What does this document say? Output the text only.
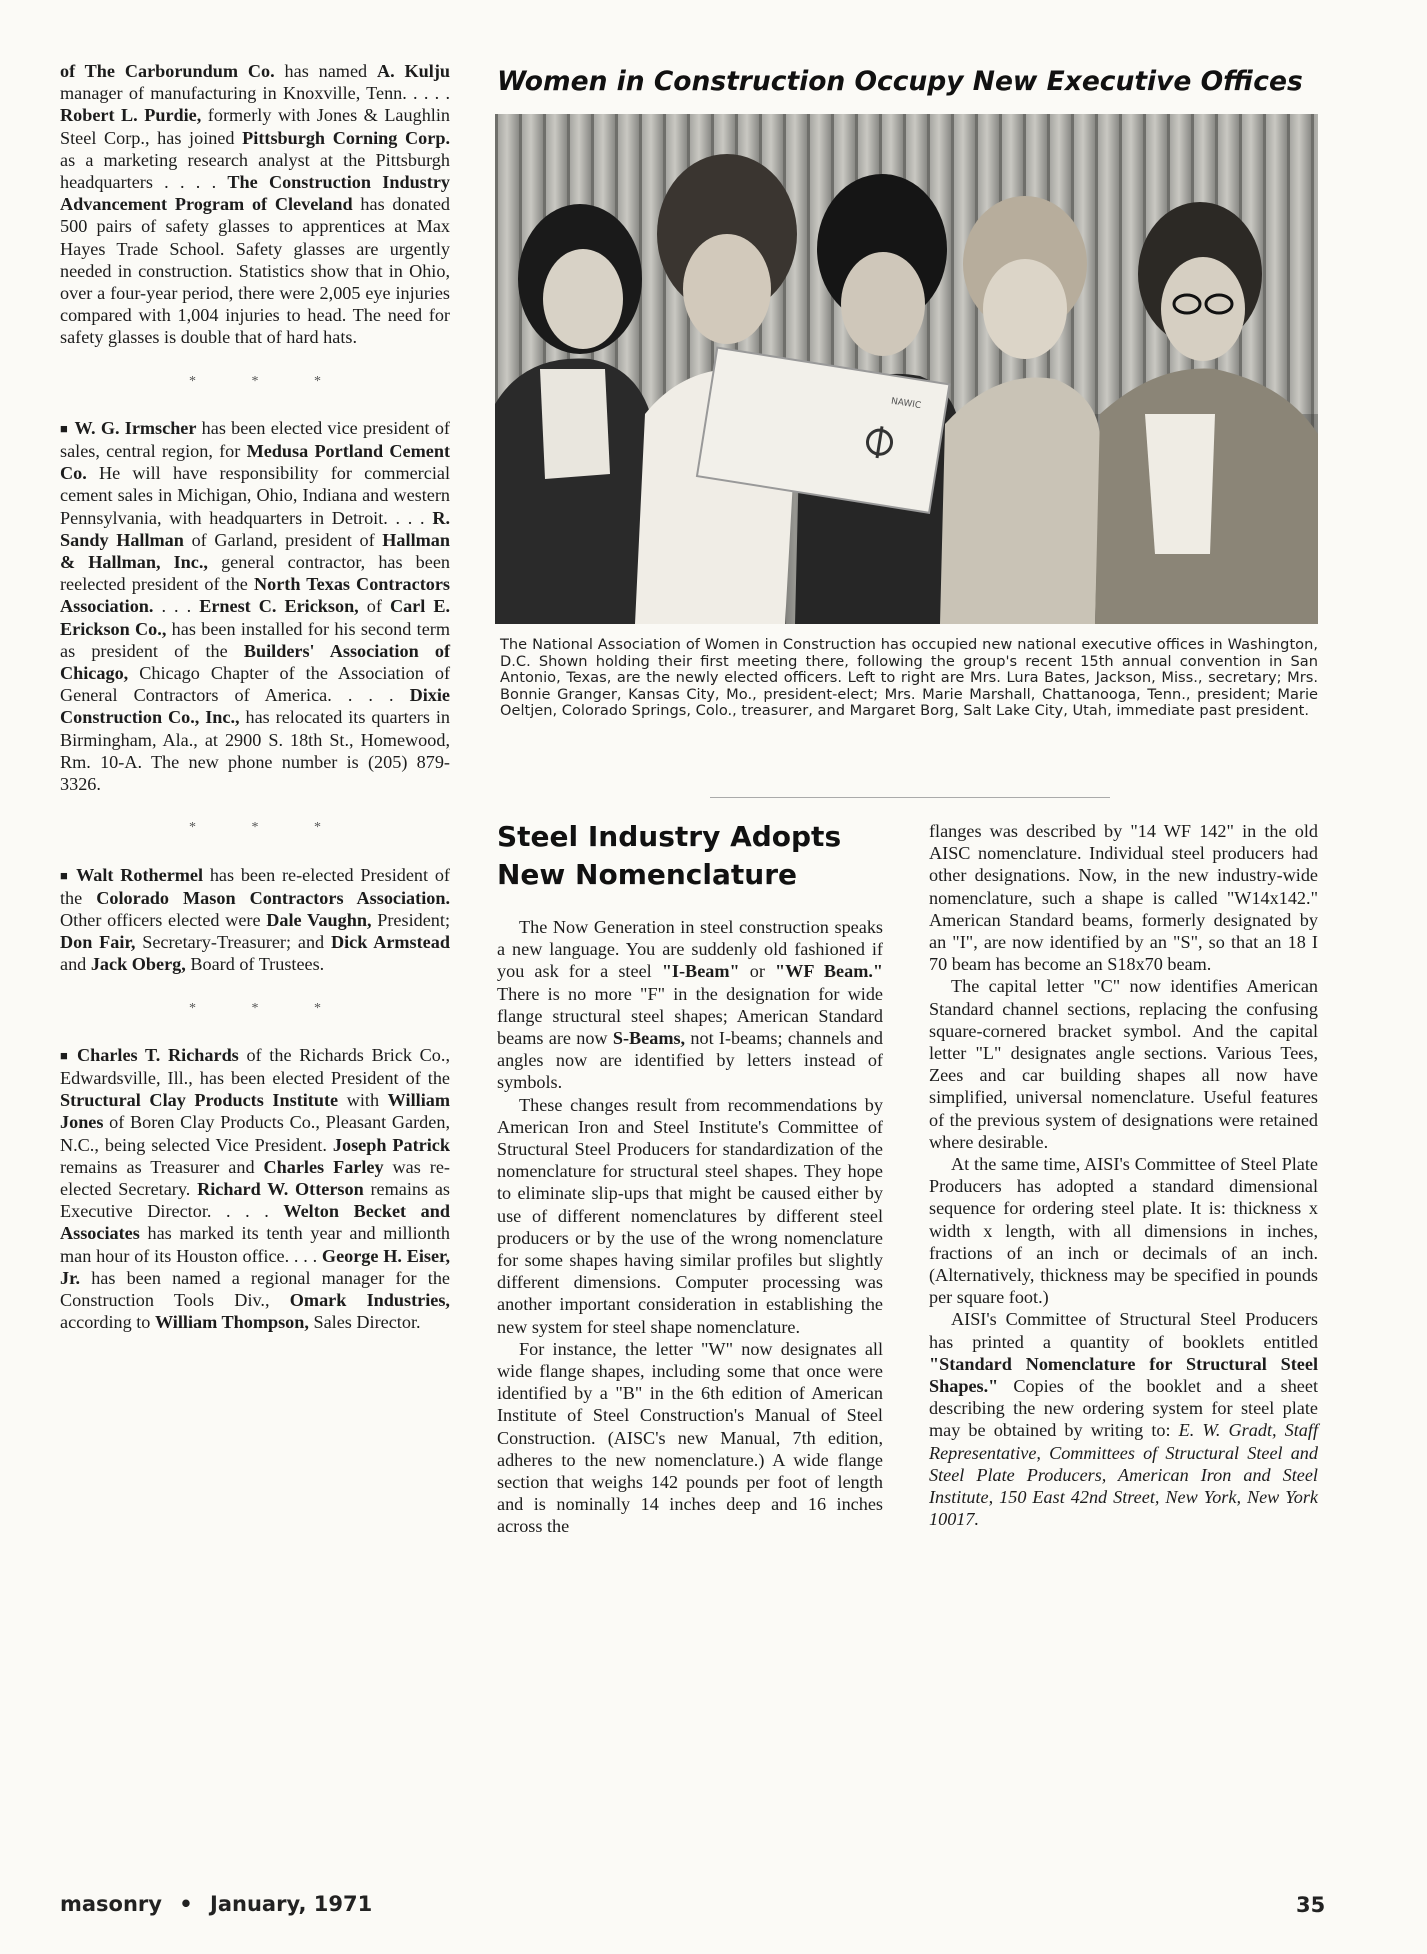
of The Carborundum Co. has named A. Kulju manager of manufacturing in Knoxville, Tenn. . . . . Robert L. Purdie, formerly with Jones & Laughlin Steel Corp., has joined Pittsburgh Corning Corp. as a marketing research analyst at the Pittsburgh headquarters . . . . The Construction Industry Advancement Program of Cleveland has donated 500 pairs of safety glasses to apprentices at Max Hayes Trade School. Safety glasses are urgently needed in construction. Statistics show that in Ohio, over a four-year period, there were 2,005 eye injuries compared with 1,004 injuries to head. The need for safety glasses is double that of hard hats.

* * *

■ W. G. Irmscher has been elected vice president of sales, central region, for Medusa Portland Cement Co. He will have responsibility for commercial cement sales in Michigan, Ohio, Indiana and western Pennsylvania, with headquarters in Detroit. . . . R. Sandy Hallman of Garland, president of Hallman & Hallman, Inc., general contractor, has been reelected president of the North Texas Contractors Association. . . . Ernest C. Erickson, of Carl E. Erickson Co., has been installed for his second term as president of the Builders' Association of Chicago, Chicago Chapter of the Association of General Contractors of America. . . . Dixie Construction Co., Inc., has relocated its quarters in Birmingham, Ala., at 2900 S. 18th St., Homewood, Rm. 10-A. The new phone number is (205) 879-3326.

* * *

■ Walt Rothermel has been re-elected President of the Colorado Mason Contractors Association. Other officers elected were Dale Vaughn, President; Don Fair, Secretary-Treasurer; and Dick Armstead and Jack Oberg, Board of Trustees.

* * *

■ Charles T. Richards of the Richards Brick Co., Edwardsville, Ill., has been elected President of the Structural Clay Products Institute with William Jones of Boren Clay Products Co., Pleasant Garden, N.C., being selected Vice President. Joseph Patrick remains as Treasurer and Charles Farley was re-elected Secretary. Richard W. Otterson remains as Executive Director. . . . Welton Becket and Associates has marked its tenth year and millionth man hour of its Houston office. . . . George H. Eiser, Jr. has been named a regional manager for the Construction Tools Div., Omark Industries, according to William Thompson, Sales Director.

Women in Construction Occupy New Executive Offices
NAWIC
The National Association of Women in Construction has occupied new national executive offices in Washington, D.C. Shown holding their first meeting there, following the group's recent 15th annual convention in San Antonio, Texas, are the newly elected officers. Left to right are Mrs. Lura Bates, Jackson, Miss., secretary; Mrs. Bonnie Granger, Kansas City, Mo., president-elect; Mrs. Marie Marshall, Chattanooga, Tenn., president; Marie Oeltjen, Colorado Springs, Colo., treasurer, and Margaret Borg, Salt Lake City, Utah, immediate past president.
Steel Industry Adopts
New Nomenclature

The Now Generation in steel construction speaks a new language. You are suddenly old fashioned if you ask for a steel "I-Beam" or "WF Beam." There is no more "F" in the designation for wide flange structural steel shapes; American Standard beams are now S-Beams, not I-beams; channels and angles now are identified by letters instead of symbols.

These changes result from recommendations by American Iron and Steel Institute's Committee of Structural Steel Producers for standardization of the nomenclature for structural steel shapes. They hope to eliminate slip-ups that might be caused either by use of different nomenclatures by different steel producers or by the use of the wrong nomenclature for some shapes having similar profiles but slightly different dimensions. Computer processing was another important consideration in establishing the new system for steel shape nomenclature.

For instance, the letter "W" now designates all wide flange shapes, including some that once were identified by a "B" in the 6th edition of American Institute of Steel Construction's Manual of Steel Construction. (AISC's new Manual, 7th edition, adheres to the new nomenclature.) A wide flange section that weighs 142 pounds per foot of length and is nominally 14 inches deep and 16 inches across the

flanges was described by "14 WF 142" in the old AISC nomenclature. Individual steel producers had other designations. Now, in the new industry-wide nomenclature, such a shape is called "W14x142." American Standard beams, formerly designated by an "I", are now identified by an "S", so that an 18 I 70 beam has become an S18x70 beam.

The capital letter "C" now identifies American Standard channel sections, replacing the confusing square-cornered bracket symbol. And the capital letter "L" designates angle sections. Various Tees, Zees and car building shapes all now have simplified, universal nomenclature. Useful features of the previous system of designations were retained where desirable.

At the same time, AISI's Committee of Steel Plate Producers has adopted a standard dimensional sequence for ordering steel plate. It is: thickness x width x length, with all dimensions in inches, fractions of an inch or decimals of an inch. (Alternatively, thickness may be specified in pounds per square foot.)

AISI's Committee of Structural Steel Producers has printed a quantity of booklets entitled "Standard Nomenclature for Structural Steel Shapes." Copies of the booklet and a sheet describing the new ordering system for steel plate may be obtained by writing to: E. W. Gradt, Staff Representative, Committees of Structural Steel and Steel Plate Producers, American Iron and Steel Institute, 150 East 42nd Street, New York, New York 10017.

masonry • January, 1971	35
